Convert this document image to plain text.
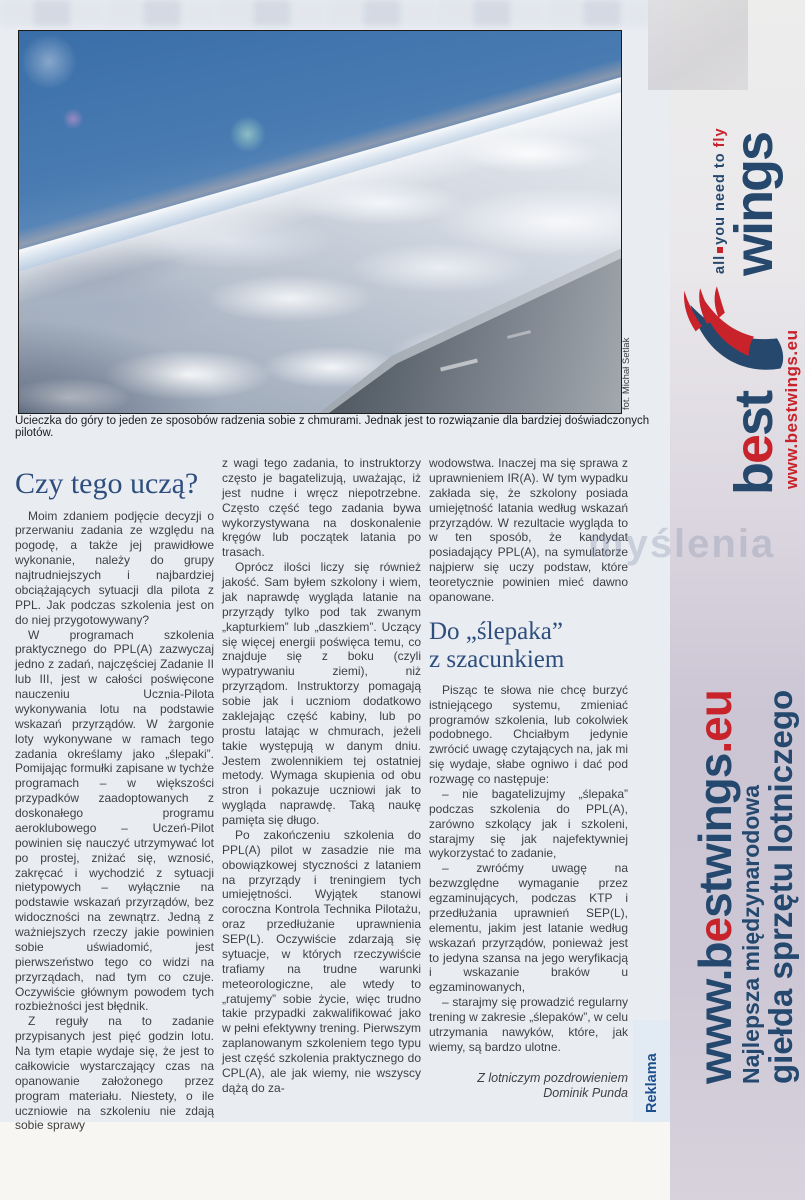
fot. Michał Setlak
Ucieczka do góry to jeden ze sposobów radzenia sobie z chmurami. Jednak jest to rozwiązanie dla bardziej doświadczonych pilotów.
Czy tego uczą?

Moim zdaniem podjęcie decyzji o przerwaniu zadania ze względu na pogodę, a także jej prawidłowe wykonanie, należy do grupy najtrudniejszych i najbardziej obciążających sytuacji dla pilota z PPL. Jak podczas szkolenia jest on do niej przygotowywany?

W programach szkolenia praktycznego do PPL(A) zazwyczaj jedno z zadań, najczęściej Zadanie II lub III, jest w całości poświęcone nauczeniu Ucznia-Pilota wykonywania lotu na podstawie wskazań przyrządów. W żargonie loty wykonywane w ramach tego zadania określamy jako „ślepaki”. Pomijając formułki zapisane w tychże programach – w większości przypadków zaadoptowanych z doskonałego programu aeroklubowego – Uczeń-Pilot powinien się nauczyć utrzymywać lot po prostej, zniżać się, wznosić, zakręcać i wychodzić z sytuacji nietypowych – wyłącznie na podstawie wskazań przyrządów, bez widoczności na zewnątrz. Jedną z ważniejszych rzeczy jakie powinien sobie uświadomić, jest pierwszeństwo tego co widzi na przyrządach, nad tym co czuje. Oczywiście głównym powodem tych rozbieżności jest błędnik.

Z reguły na to zadanie przypisanych jest pięć godzin lotu. Na tym etapie wydaje się, że jest to całkowicie wystarczający czas na opanowanie założonego przez program materiału. Niestety, o ile uczniowie na szkoleniu nie zdają sobie sprawy

z wagi tego zadania, to instruktorzy często je bagatelizują, uważając, iż jest nudne i wręcz niepotrzebne. Często część tego zadania bywa wykorzystywana na doskonalenie kręgów lub początek latania po trasach.

Oprócz ilości liczy się również jakość. Sam byłem szkolony i wiem, jak naprawdę wygląda latanie na przyrządy tylko pod tak zwanym „kapturkiem” lub „daszkiem”. Uczący się więcej energii poświęca temu, co znajduje się z boku (czyli wypatrywaniu ziemi), niż przyrządom. Instruktorzy pomagają sobie jak i uczniom dodatkowo zaklejając część kabiny, lub po prostu latając w chmurach, jeżeli takie występują w danym dniu. Jestem zwolennikiem tej ostatniej metody. Wymaga skupienia od obu stron i pokazuje uczniowi jak to wygląda naprawdę. Taką naukę pamięta się długo.

Po zakończeniu szkolenia do PPL(A) pilot w zasadzie nie ma obowiązkowej styczności z lataniem na przyrządy i treningiem tych umiejętności. Wyjątek stanowi coroczna Kontrola Technika Pilotażu, oraz przedłużanie uprawnienia SEP(L). Oczywiście zdarzają się sytuacje, w których rzeczywiście trafiamy na trudne warunki meteorologiczne, ale wtedy to „ratujemy” sobie życie, więc trudno takie przypadki zakwalifikować jako w pełni efektywny trening. Pierwszym zaplanowanym szkoleniem tego typu jest część szkolenia praktycznego do CPL(A), ale jak wiemy, nie wszyscy dążą do za-

wodowstwa. Inaczej ma się sprawa z uprawnieniem IR(A). W tym wypadku zakłada się, że szkolony posiada umiejętność latania według wskazań przyrządów. W rezultacie wygląda to w ten sposób, że kandydat posiadający PPL(A), na symulatorze najpierw się uczy podstaw, które teoretycznie powinien mieć dawno opanowane.

Do „ślepaka”
z szacunkiem

Pisząc te słowa nie chcę burzyć istniejącego systemu, zmieniać programów szkolenia, lub cokolwiek podobnego. Chciałbym jedynie zwrócić uwagę czytających na, jak mi się wydaje, słabe ogniwo i dać pod rozwagę co następuje:

– nie bagatelizujmy „ślepaka” podczas szkolenia do PPL(A), zarówno szkolący jak i szkoleni, starajmy się jak najefektywniej wykorzystać to zadanie,

– zwróćmy uwagę na bezwzględne wymaganie przez egzaminujących, podczas KTP i przedłużania uprawnień SEP(L), elementu, jakim jest latanie według wskazań przyrządów, ponieważ jest to jedyna szansa na jego weryfikacją i wskazanie braków u egzaminowanych,

– starajmy się prowadzić regularny trening w zakresie „ślepaków”, w celu utrzymania nawyków, które, jak wiemy, są bardzo ulotne.

Z lotniczym pozdrowieniem
Dominik Punda
myślenia
best
allyou need to fly
wings
www.bestwings.eu
www.bestwings.eu
Najlepsza międzynarodowa
giełda sprzętu lotniczego
Reklama
